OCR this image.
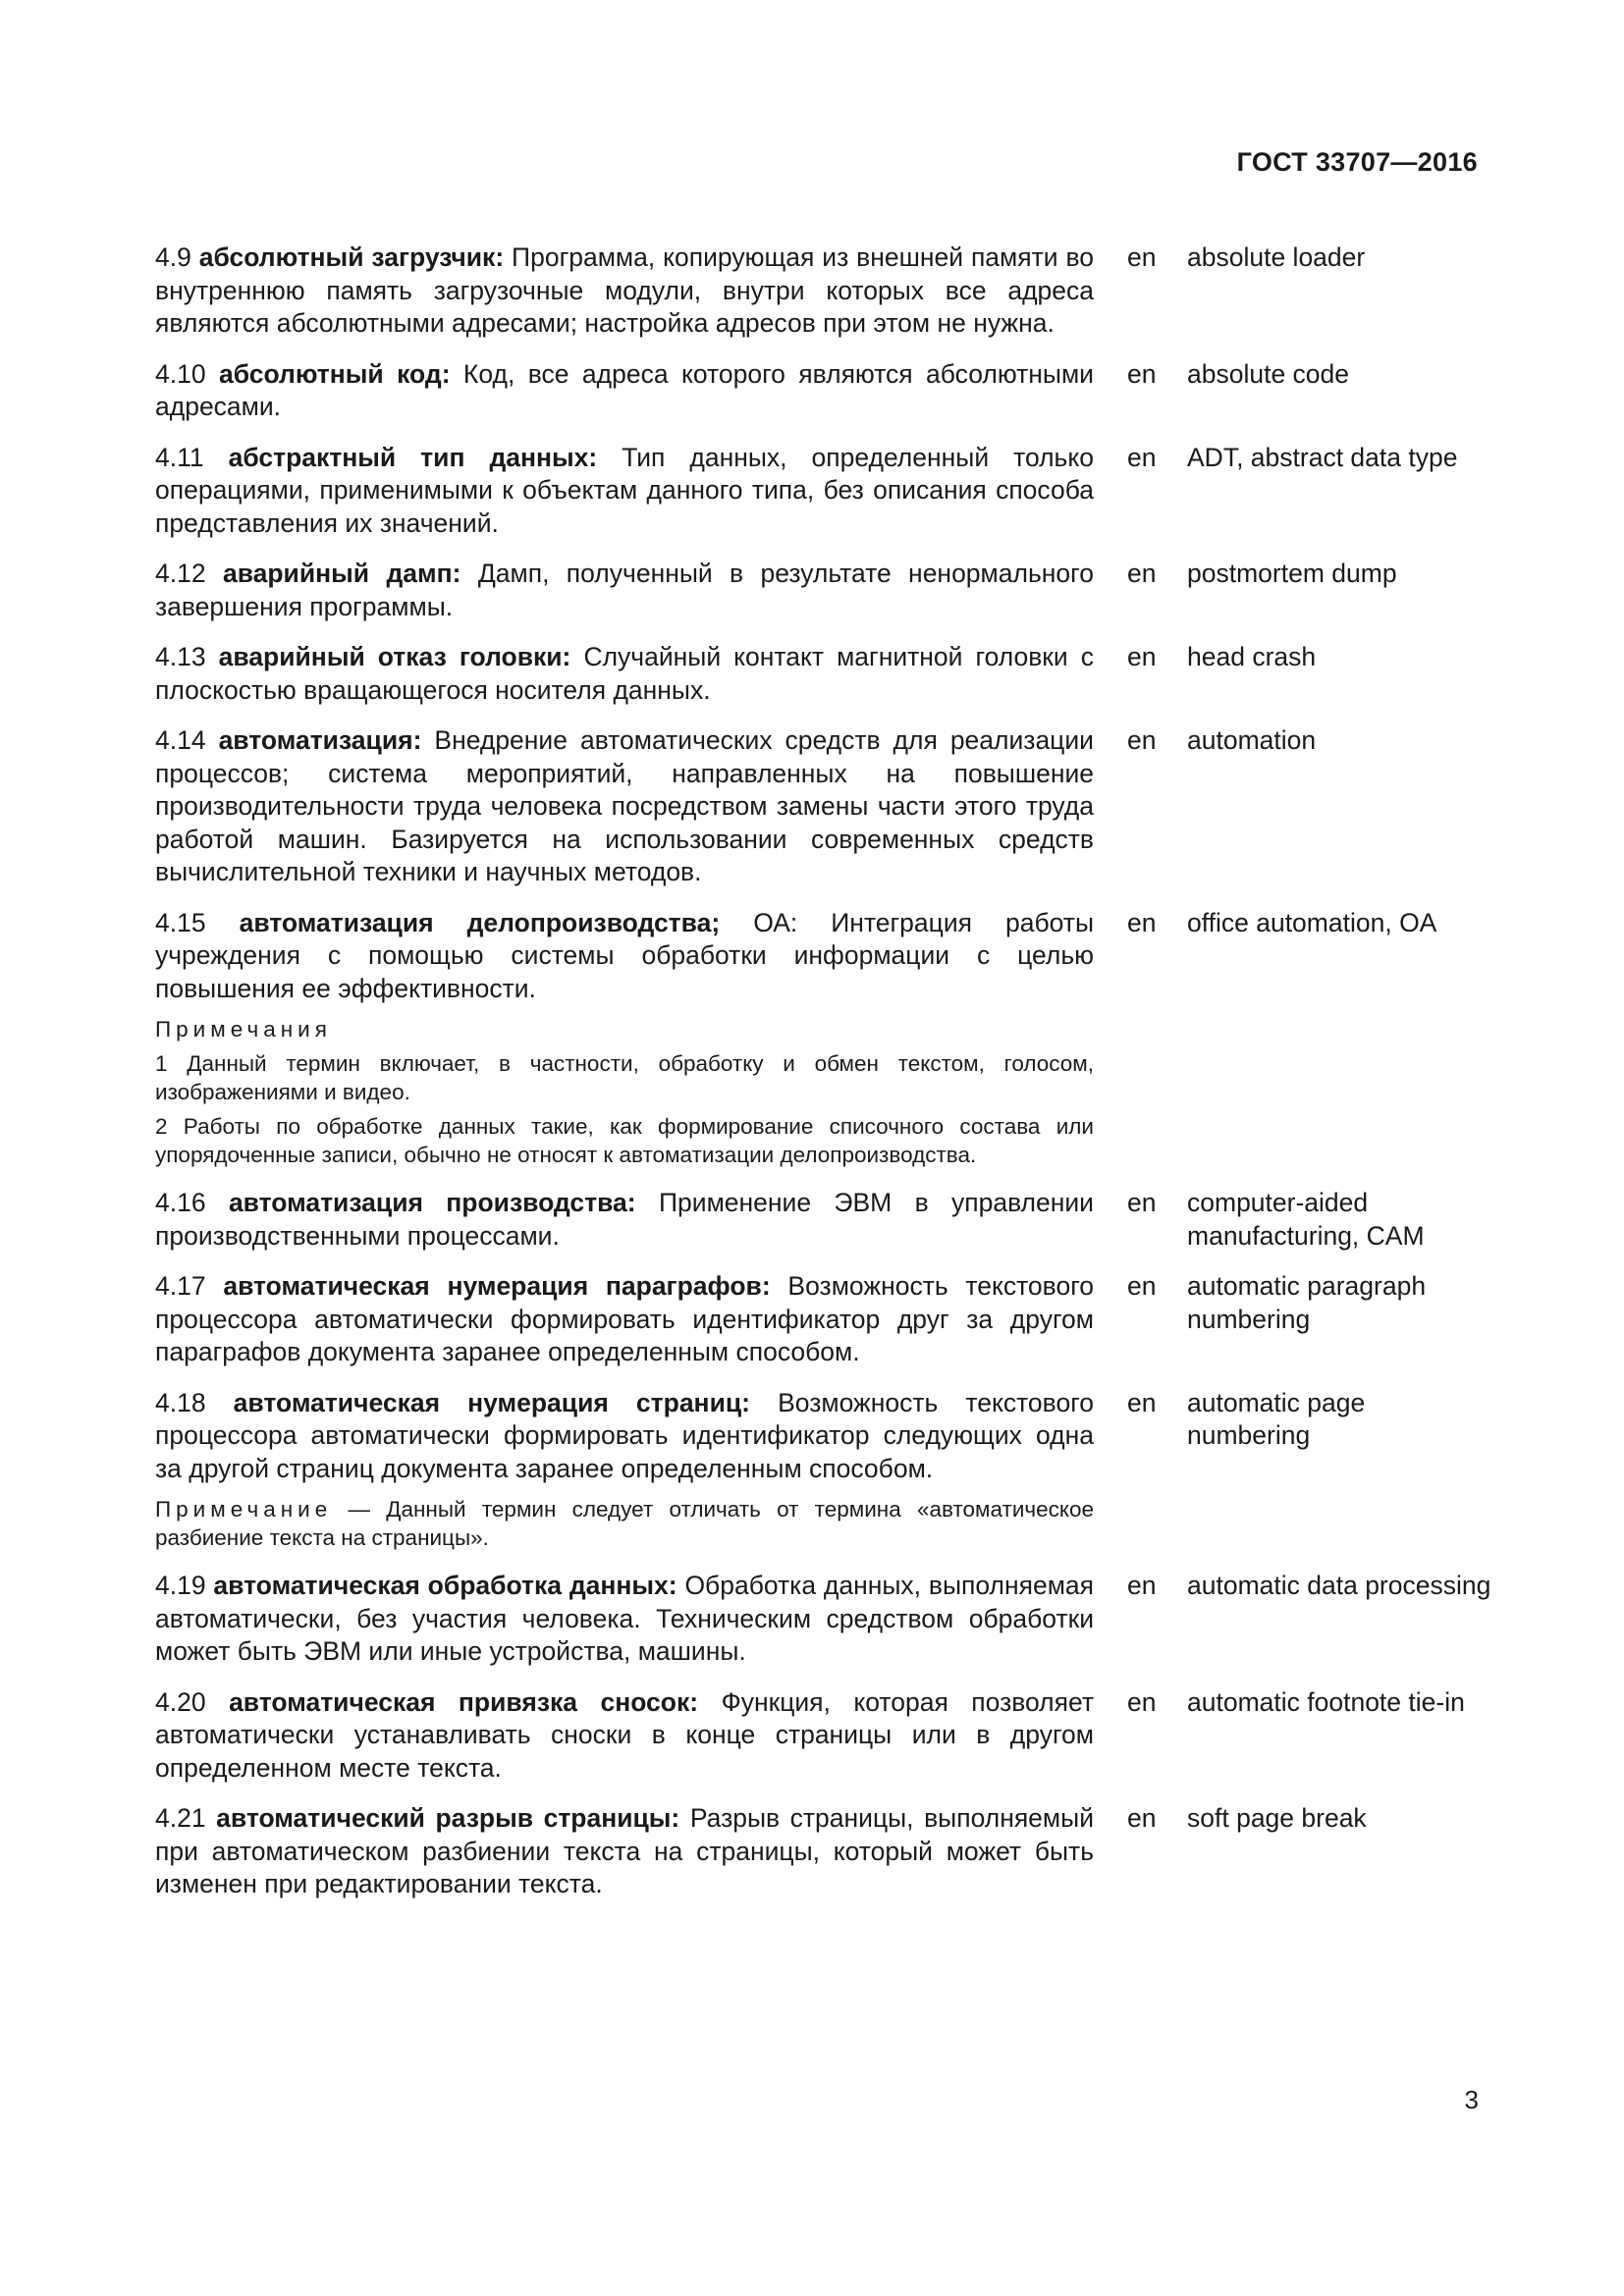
ГОСТ 33707—2016
4.9 абсолютный загрузчик: Программа, копирующая из внешней памяти во внутреннюю память загрузочные модули, внутри которых все адреса являются абсолютными адресами; настройка адресов при этом не нужна.
en absolute loader
4.10 абсолютный код: Код, все адреса которого являются абсолютными адресами.
en absolute code
4.11 абстрактный тип данных: Тип данных, определенный только операциями, применимыми к объектам данного типа, без описания способа представления их значений.
en ADT, abstract data type
4.12 аварийный дамп: Дамп, полученный в результате ненормального завершения программы.
en postmortem dump
4.13 аварийный отказ головки: Случайный контакт магнитной головки с плоскостью вращающегося носителя данных.
en head crash
4.14 автоматизация: Внедрение автоматических средств для реализации процессов; система мероприятий, направленных на повышение производительности труда человека посредством замены части этого труда работой машин. Базируется на использовании современных средств вычислительной техники и научных методов.
en automation
4.15 автоматизация делопроизводства; ОА: Интеграция работы учреждения с помощью системы обработки информации с целью повышения ее эффективности.
en office automation, OA
Примечания
1 Данный термин включает, в частности, обработку и обмен текстом, голосом, изображениями и видео.
2 Работы по обработке данных такие, как формирование списочного состава или упорядоченные записи, обычно не относят к автоматизации делопроизводства.
4.16 автоматизация производства: Применение ЭВМ в управлении производственными процессами.
en computer-aided manufacturing, CAM
4.17 автоматическая нумерация параграфов: Возможность текстового процессора автоматически формировать идентификатор друг за другом параграфов документа заранее определенным способом.
en automatic paragraph numbering
4.18 автоматическая нумерация страниц: Возможность текстового процессора автоматически формировать идентификатор следующих одна за другой страниц документа заранее определенным способом.
en automatic page numbering
Примечание — Данный термин следует отличать от термина «автоматическое разбиение текста на страницы».
4.19 автоматическая обработка данных: Обработка данных, выполняемая автоматически, без участия человека. Техническим средством обработки может быть ЭВМ или иные устройства, машины.
en automatic data processing
4.20 автоматическая привязка сносок: Функция, которая позволяет автоматически устанавливать сноски в конце страницы или в другом определенном месте текста.
en automatic footnote tie-in
4.21 автоматический разрыв страницы: Разрыв страницы, выполняемый при автоматическом разбиении текста на страницы, который может быть изменен при редактировании текста.
en soft page break
3
